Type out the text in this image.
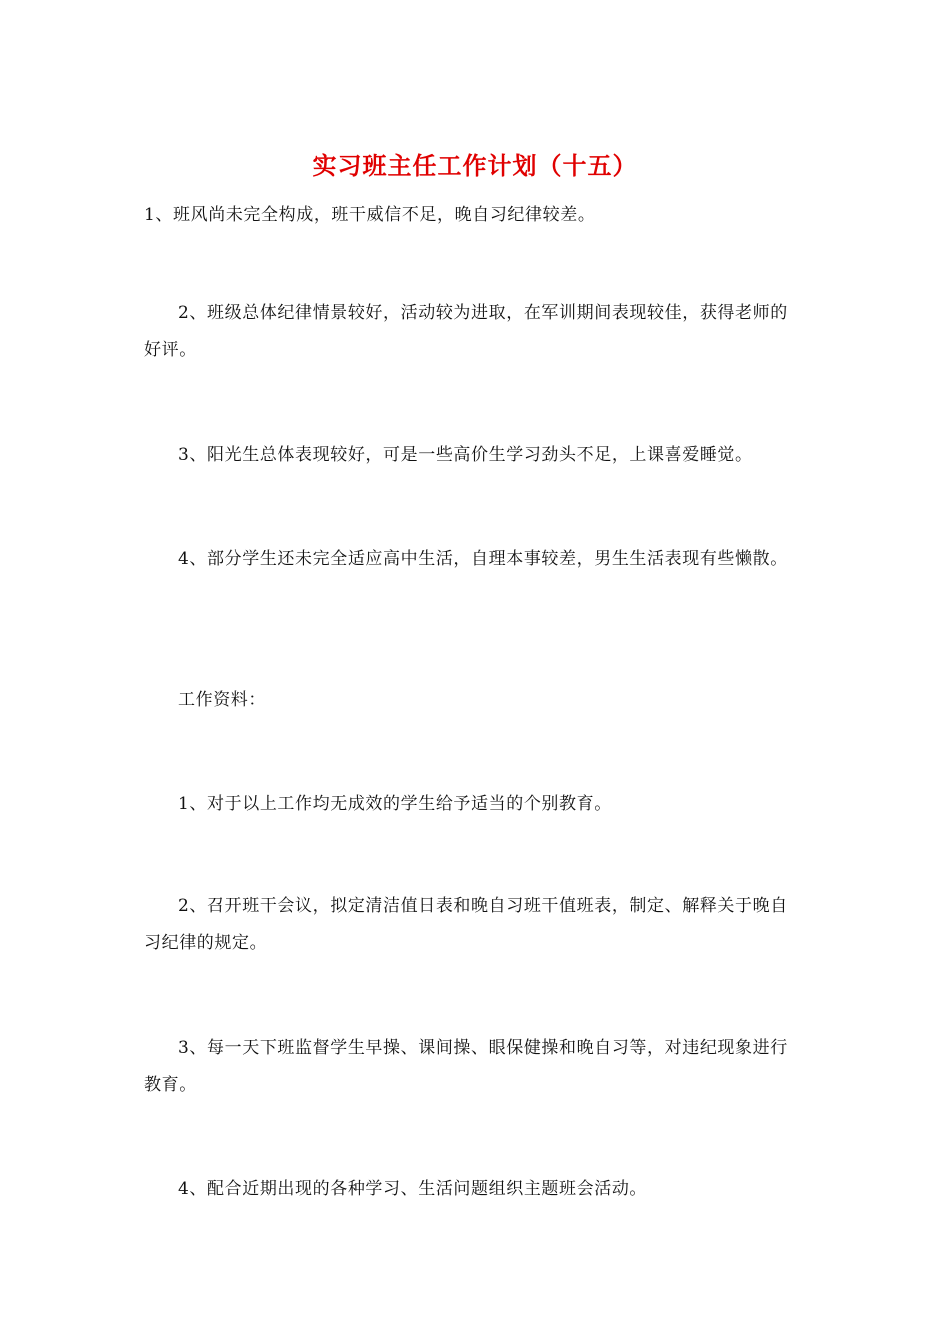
实习班主任工作计划（十五）

1、班风尚未完全构成，班干威信不足，晚自习纪律较差。

2、班级总体纪律情景较好，活动较为进取，在军训期间表现较佳，获得老师的好评。

3、阳光生总体表现较好，可是一些高价生学习劲头不足，上课喜爱睡觉。

4、部分学生还未完全适应高中生活，自理本事较差，男生生活表现有些懒散。

工作资料：

1、对于以上工作均无成效的学生给予适当的个别教育。

2、召开班干会议，拟定清洁值日表和晚自习班干值班表，制定、解释关于晚自习纪律的规定。

3、每一天下班监督学生早操、课间操、眼保健操和晚自习等，对违纪现象进行教育。

4、配合近期出现的各种学习、生活问题组织主题班会活动。
